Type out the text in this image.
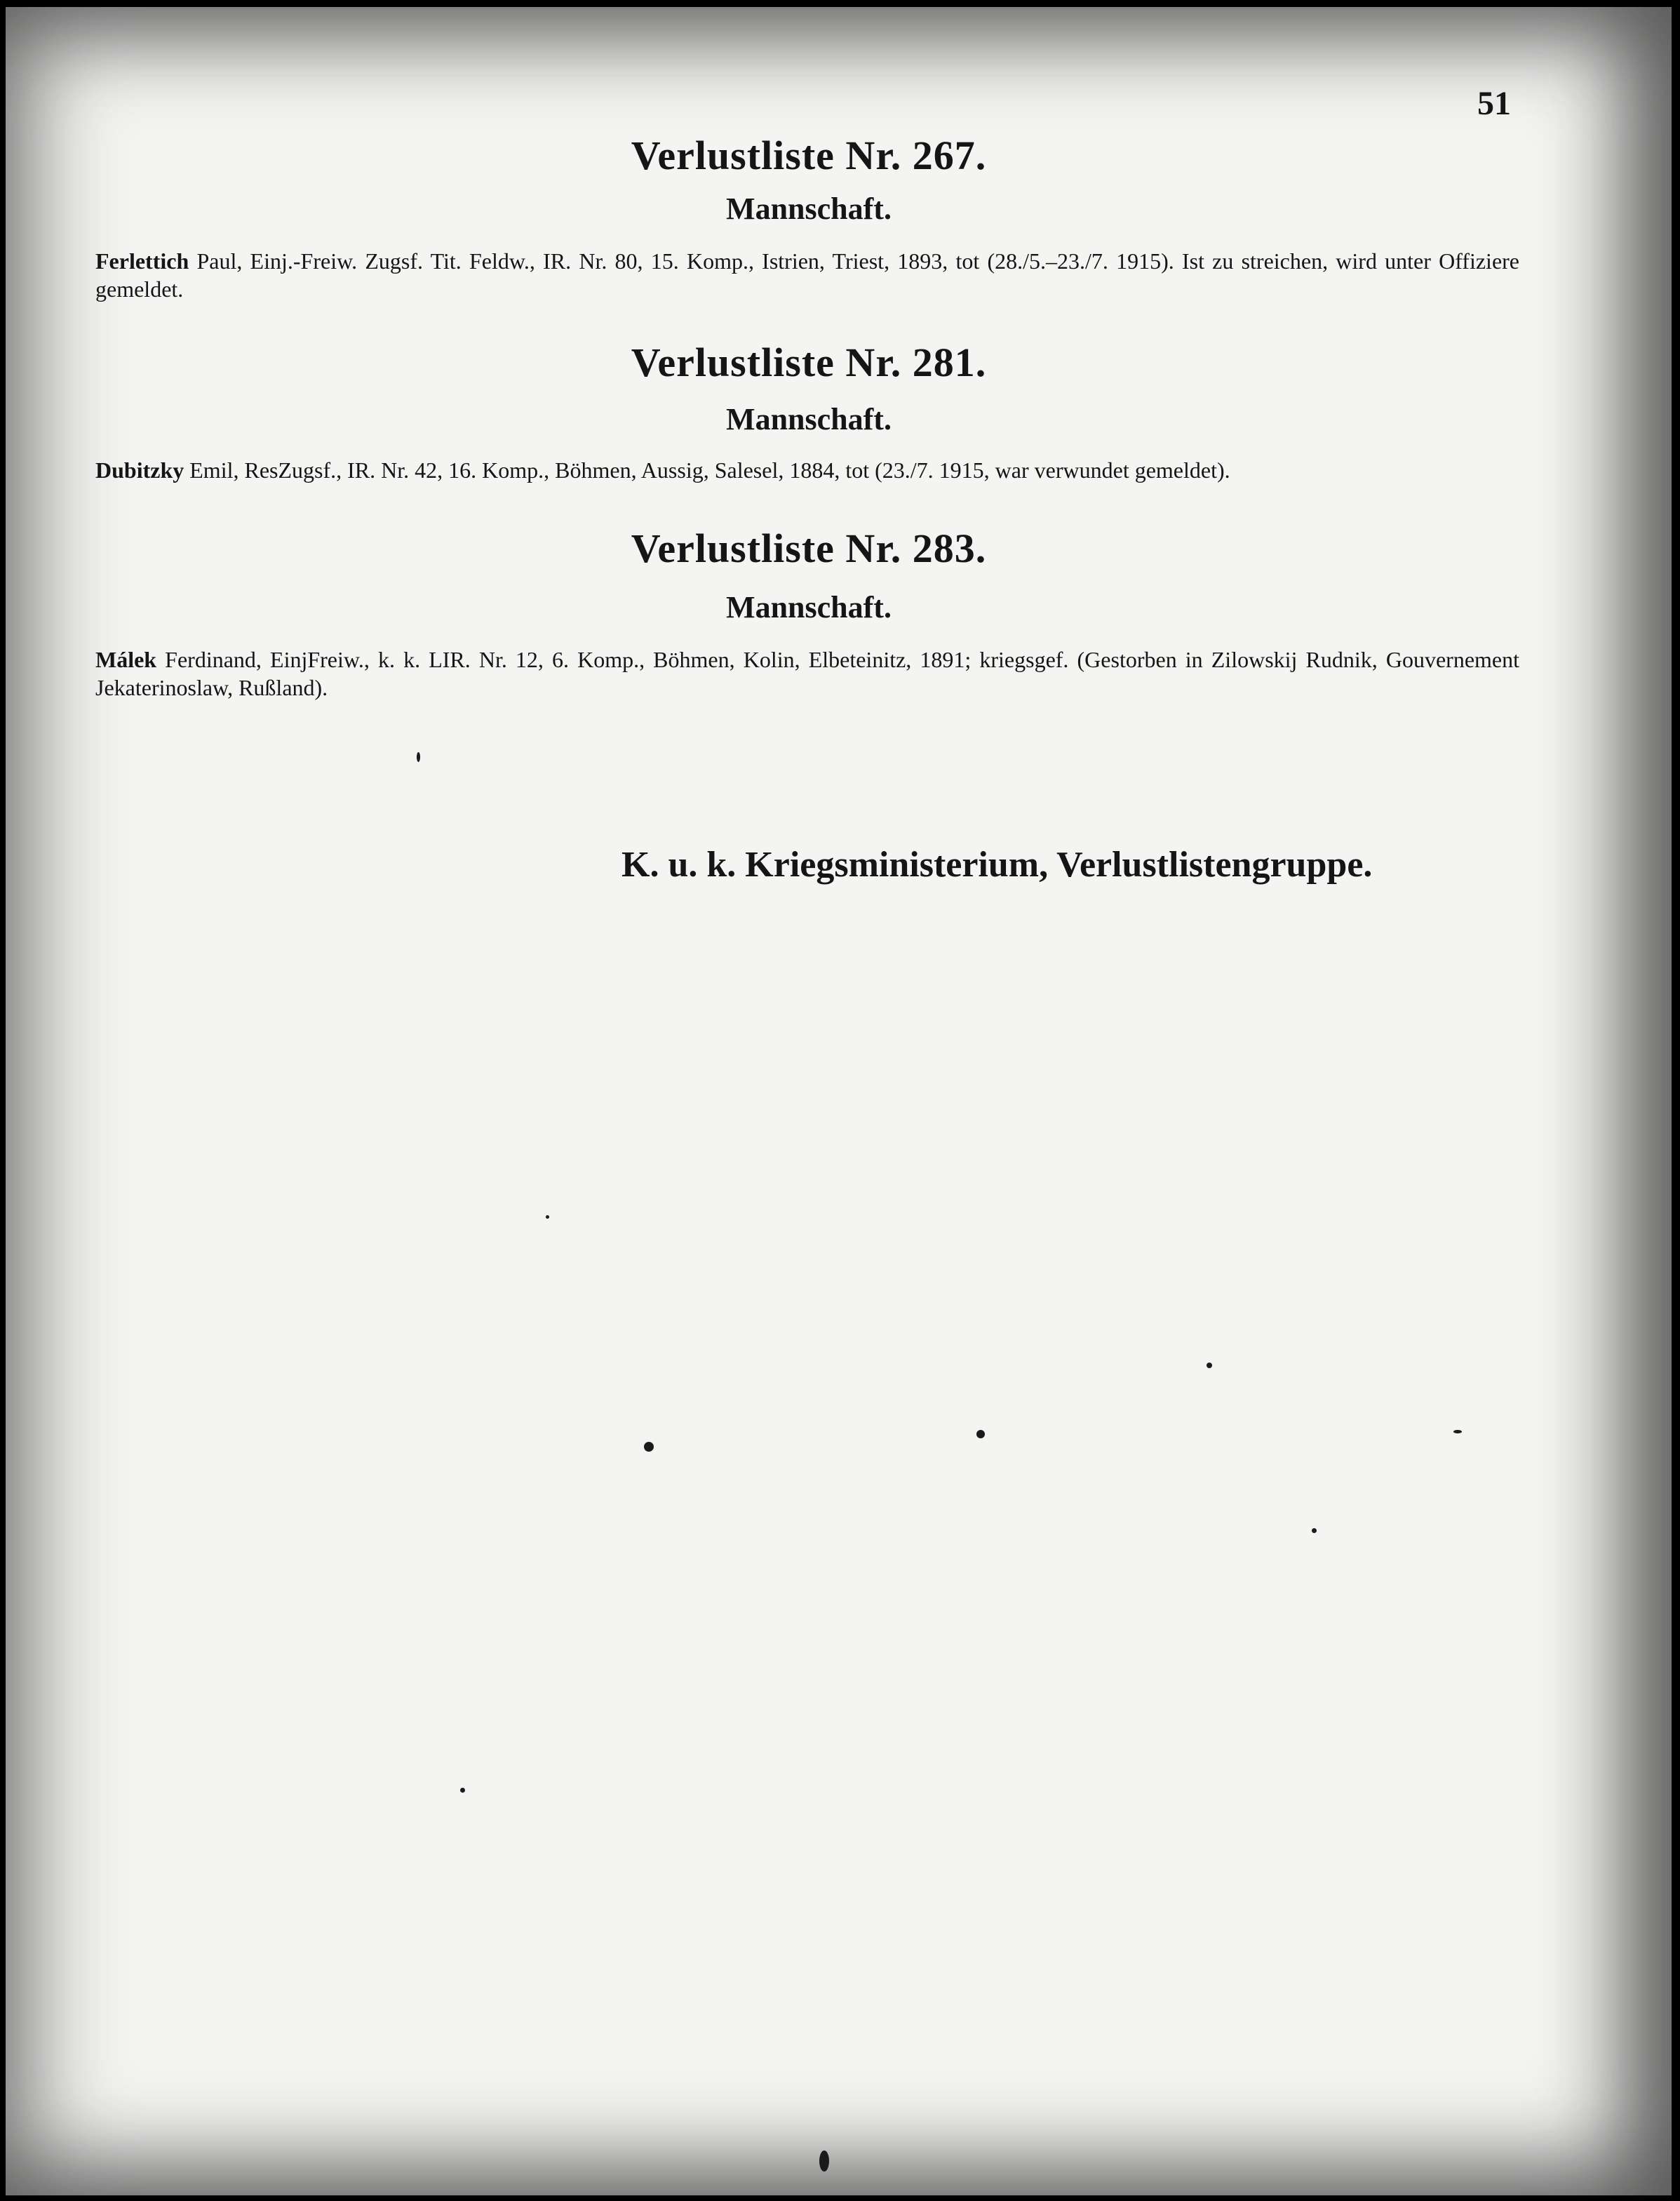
51
Verlustliste Nr. 267.
Mannschaft.
Ferlettich Paul, Einj.-Freiw. Zugsf. Tit. Feldw., IR. Nr. 80, 15. Komp., Istrien, Triest, 1893, tot (28./5.–23./7. 1915). Ist zu streichen, wird unter Offiziere gemeldet.
Verlustliste Nr. 281.
Mannschaft.
Dubitzky Emil, ResZugsf., IR. Nr. 42, 16. Komp., Böhmen, Aussig, Salesel, 1884, tot (23./7. 1915, war verwundet gemeldet).
Verlustliste Nr. 283.
Mannschaft.
Málek Ferdinand, EinjFreiw., k. k. LIR. Nr. 12, 6. Komp., Böhmen, Kolin, Elbeteinitz, 1891; kriegsgef. (Gestorben in Zilowskij Rudnik, Gouvernement Jekaterinoslaw, Rußland).
K. u. k. Kriegsministerium, Verlustlistengruppe.
